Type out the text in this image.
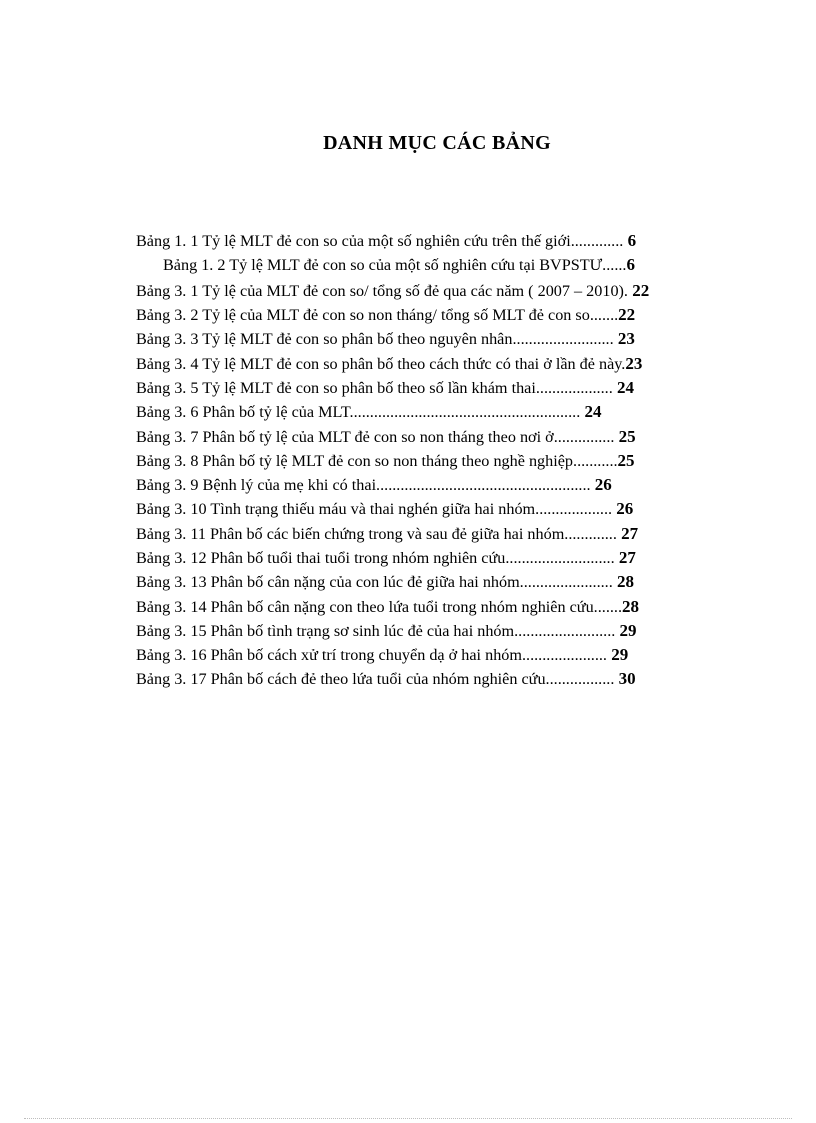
DANH MỤC CÁC BẢNG
Bảng 1. 1 Tỷ lệ MLT đẻ con so của một số nghiên cứu trên thế giới............. 6
Bảng 1. 2 Tỷ lệ MLT đẻ con so của một số nghiên cứu tại BVPSTƯ......6
Bảng 3. 1 Tỷ lệ của MLT đẻ con so/ tổng số đẻ qua các năm ( 2007 – 2010). 22
Bảng 3. 2 Tỷ lệ của MLT đẻ con so non tháng/ tổng số MLT đẻ con so.......22
Bảng 3. 3 Tỷ lệ MLT đẻ con so phân bố theo nguyên nhân......................... 23
Bảng 3. 4 Tỷ lệ MLT đẻ con so phân bố theo cách thức có thai ở lần đẻ này.23
Bảng 3. 5 Tỷ lệ MLT đẻ con so phân bố theo số lần khám thai................... 24
Bảng 3. 6 Phân bố tỷ lệ của MLT......................................................... 24
Bảng 3. 7 Phân bố tỷ lệ của MLT đẻ con so non tháng theo nơi ở............... 25
Bảng 3. 8 Phân bố tỷ lệ MLT đẻ con so non tháng theo nghề nghiệp...........25
Bảng 3. 9 Bệnh lý của mẹ khi có thai..................................................... 26
Bảng 3. 10 Tình trạng thiếu máu và thai nghén giữa hai nhóm................... 26
Bảng 3. 11 Phân bố các biến chứng trong và sau đẻ giữa hai nhóm............. 27
Bảng 3. 12 Phân bố tuổi thai tuổi trong nhóm nghiên cứu........................... 27
Bảng 3. 13 Phân bố cân nặng của con lúc đẻ giữa hai nhóm....................... 28
Bảng 3. 14 Phân bố cân nặng con theo lứa tuổi trong nhóm nghiên cứu.......28
Bảng 3. 15 Phân bố tình trạng sơ sinh lúc đẻ của hai nhóm......................... 29
Bảng 3. 16 Phân bố cách xử trí trong chuyển dạ ở hai nhóm..................... 29
Bảng 3. 17 Phân bố cách đẻ theo lứa tuổi của nhóm nghiên cứu................. 30
